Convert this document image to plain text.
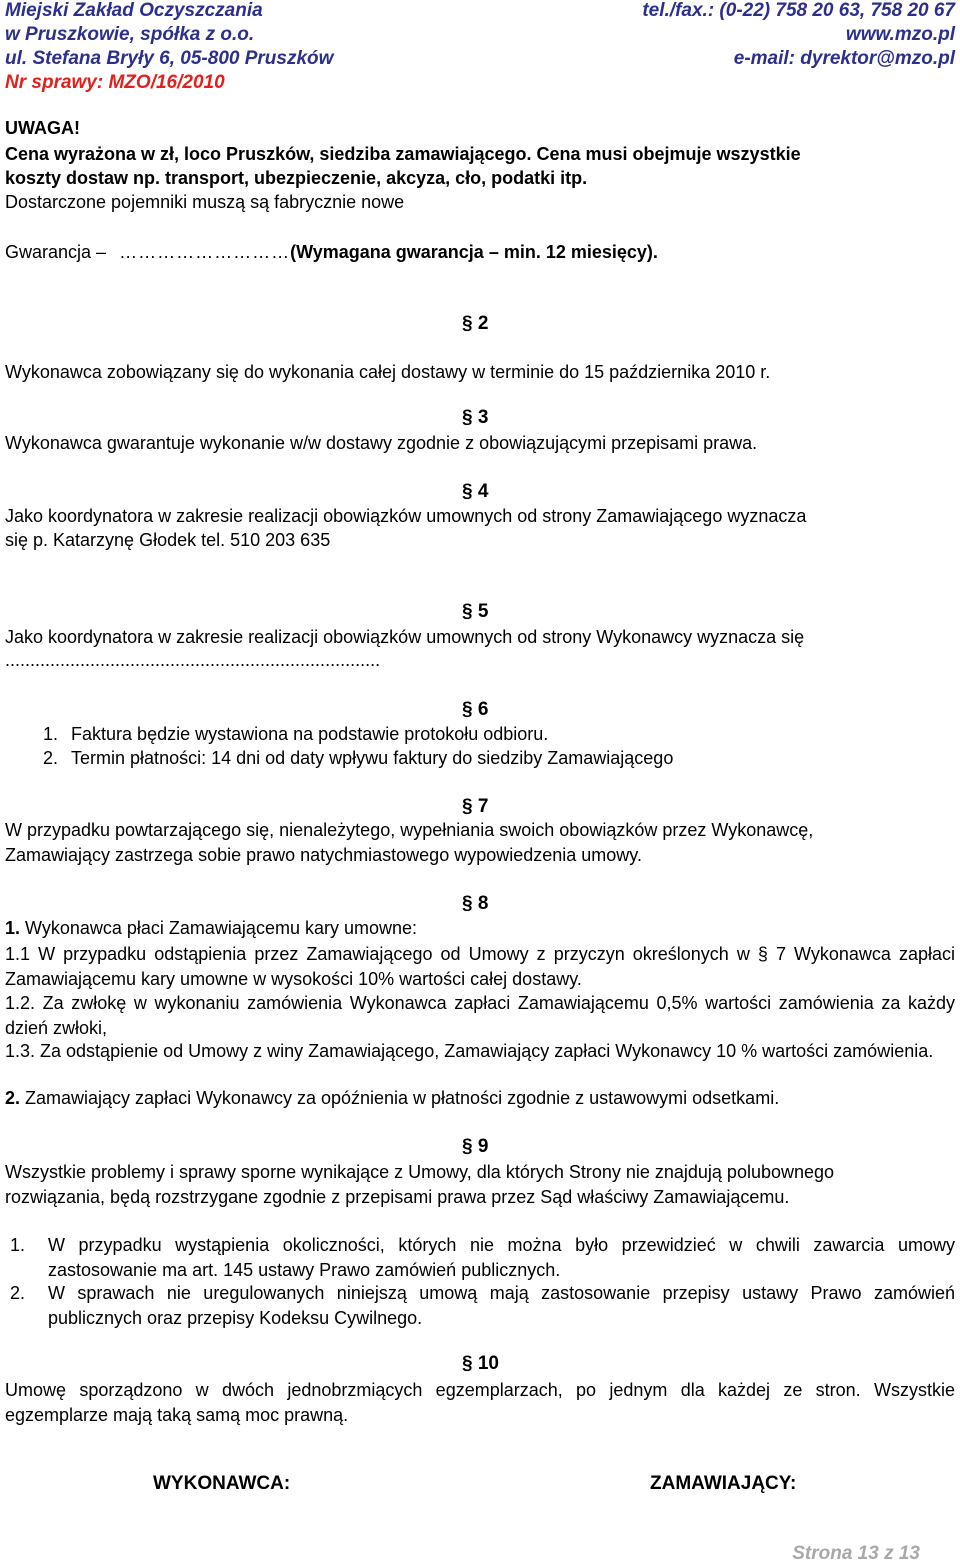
Miejski Zakład Oczyszczania
w Pruszkowie, spółka z o.o.
ul. Stefana Bryły 6, 05-800 Pruszków
Nr sprawy: MZO/16/2010
tel./fax.: (0-22) 758 20 63, 758 20 67
www.mzo.pl
e-mail: dyrektor@mzo.pl
UWAGA!
Cena wyrażona w zł, loco Pruszków, siedziba zamawiającego. Cena musi obejmuje wszystkie
koszty dostaw np. transport, ubezpieczenie, akcyza, cło, podatki itp.
Dostarczone pojemniki muszą są fabrycznie nowe
Gwarancja – ………………………(Wymagana gwarancja – min. 12 miesięcy).
§ 2
Wykonawca zobowiązany się do wykonania całej dostawy w terminie do 15 października 2010 r.
§ 3
Wykonawca gwarantuje wykonanie w/w dostawy zgodnie z obowiązującymi przepisami prawa.
§ 4
Jako koordynatora w zakresie realizacji obowiązków umownych od strony Zamawiającego wyznacza
się p. Katarzynę Głodek tel. 510 203 635
§ 5
Jako koordynatora w zakresie realizacji obowiązków umownych od strony Wykonawcy wyznacza się
...........................................................................
§ 6
1. Faktura będzie wystawiona na podstawie protokołu odbioru.
2. Termin płatności: 14 dni od daty wpływu faktury do siedziby Zamawiającego
§ 7
W przypadku powtarzającego się, nienależytego, wypełniania swoich obowiązków przez Wykonawcę,
Zamawiający zastrzega sobie prawo natychmiastowego wypowiedzenia umowy.
§ 8
1. Wykonawca płaci Zamawiającemu kary umowne:
1.1 W przypadku odstąpienia przez Zamawiającego od Umowy z przyczyn określonych w § 7 Wykonawca zapłaci Zamawiającemu kary umowne w wysokości 10% wartości całej dostawy.
1.2. Za zwłokę w wykonaniu zamówienia Wykonawca zapłaci Zamawiającemu 0,5% wartości zamówienia za każdy dzień zwłoki,
1.3. Za odstąpienie od Umowy z winy Zamawiającego, Zamawiający zapłaci Wykonawcy 10 % wartości zamówienia.
2. Zamawiający zapłaci Wykonawcy za opóźnienia w płatności zgodnie z ustawowymi odsetkami.
§ 9
Wszystkie problemy i sprawy sporne wynikające z Umowy, dla których Strony nie znajdują polubownego rozwiązania, będą rozstrzygane zgodnie z przepisami prawa przez Sąd właściwy Zamawiającemu.
1. W przypadku wystąpienia okoliczności, których nie można było przewidzieć w chwili zawarcia umowy zastosowanie ma art. 145 ustawy Prawo zamówień publicznych.
2. W sprawach nie uregulowanych niniejszą umową mają zastosowanie przepisy ustawy Prawo zamówień publicznych oraz przepisy Kodeksu Cywilnego.
§ 10
Umowę sporządzono w dwóch jednobrzmiących egzemplarzach, po jednym dla każdej ze stron. Wszystkie egzemplarze mają taką samą moc prawną.
WYKONAWCA:	ZAMAWIAJĄCY:
Strona 13 z 13
